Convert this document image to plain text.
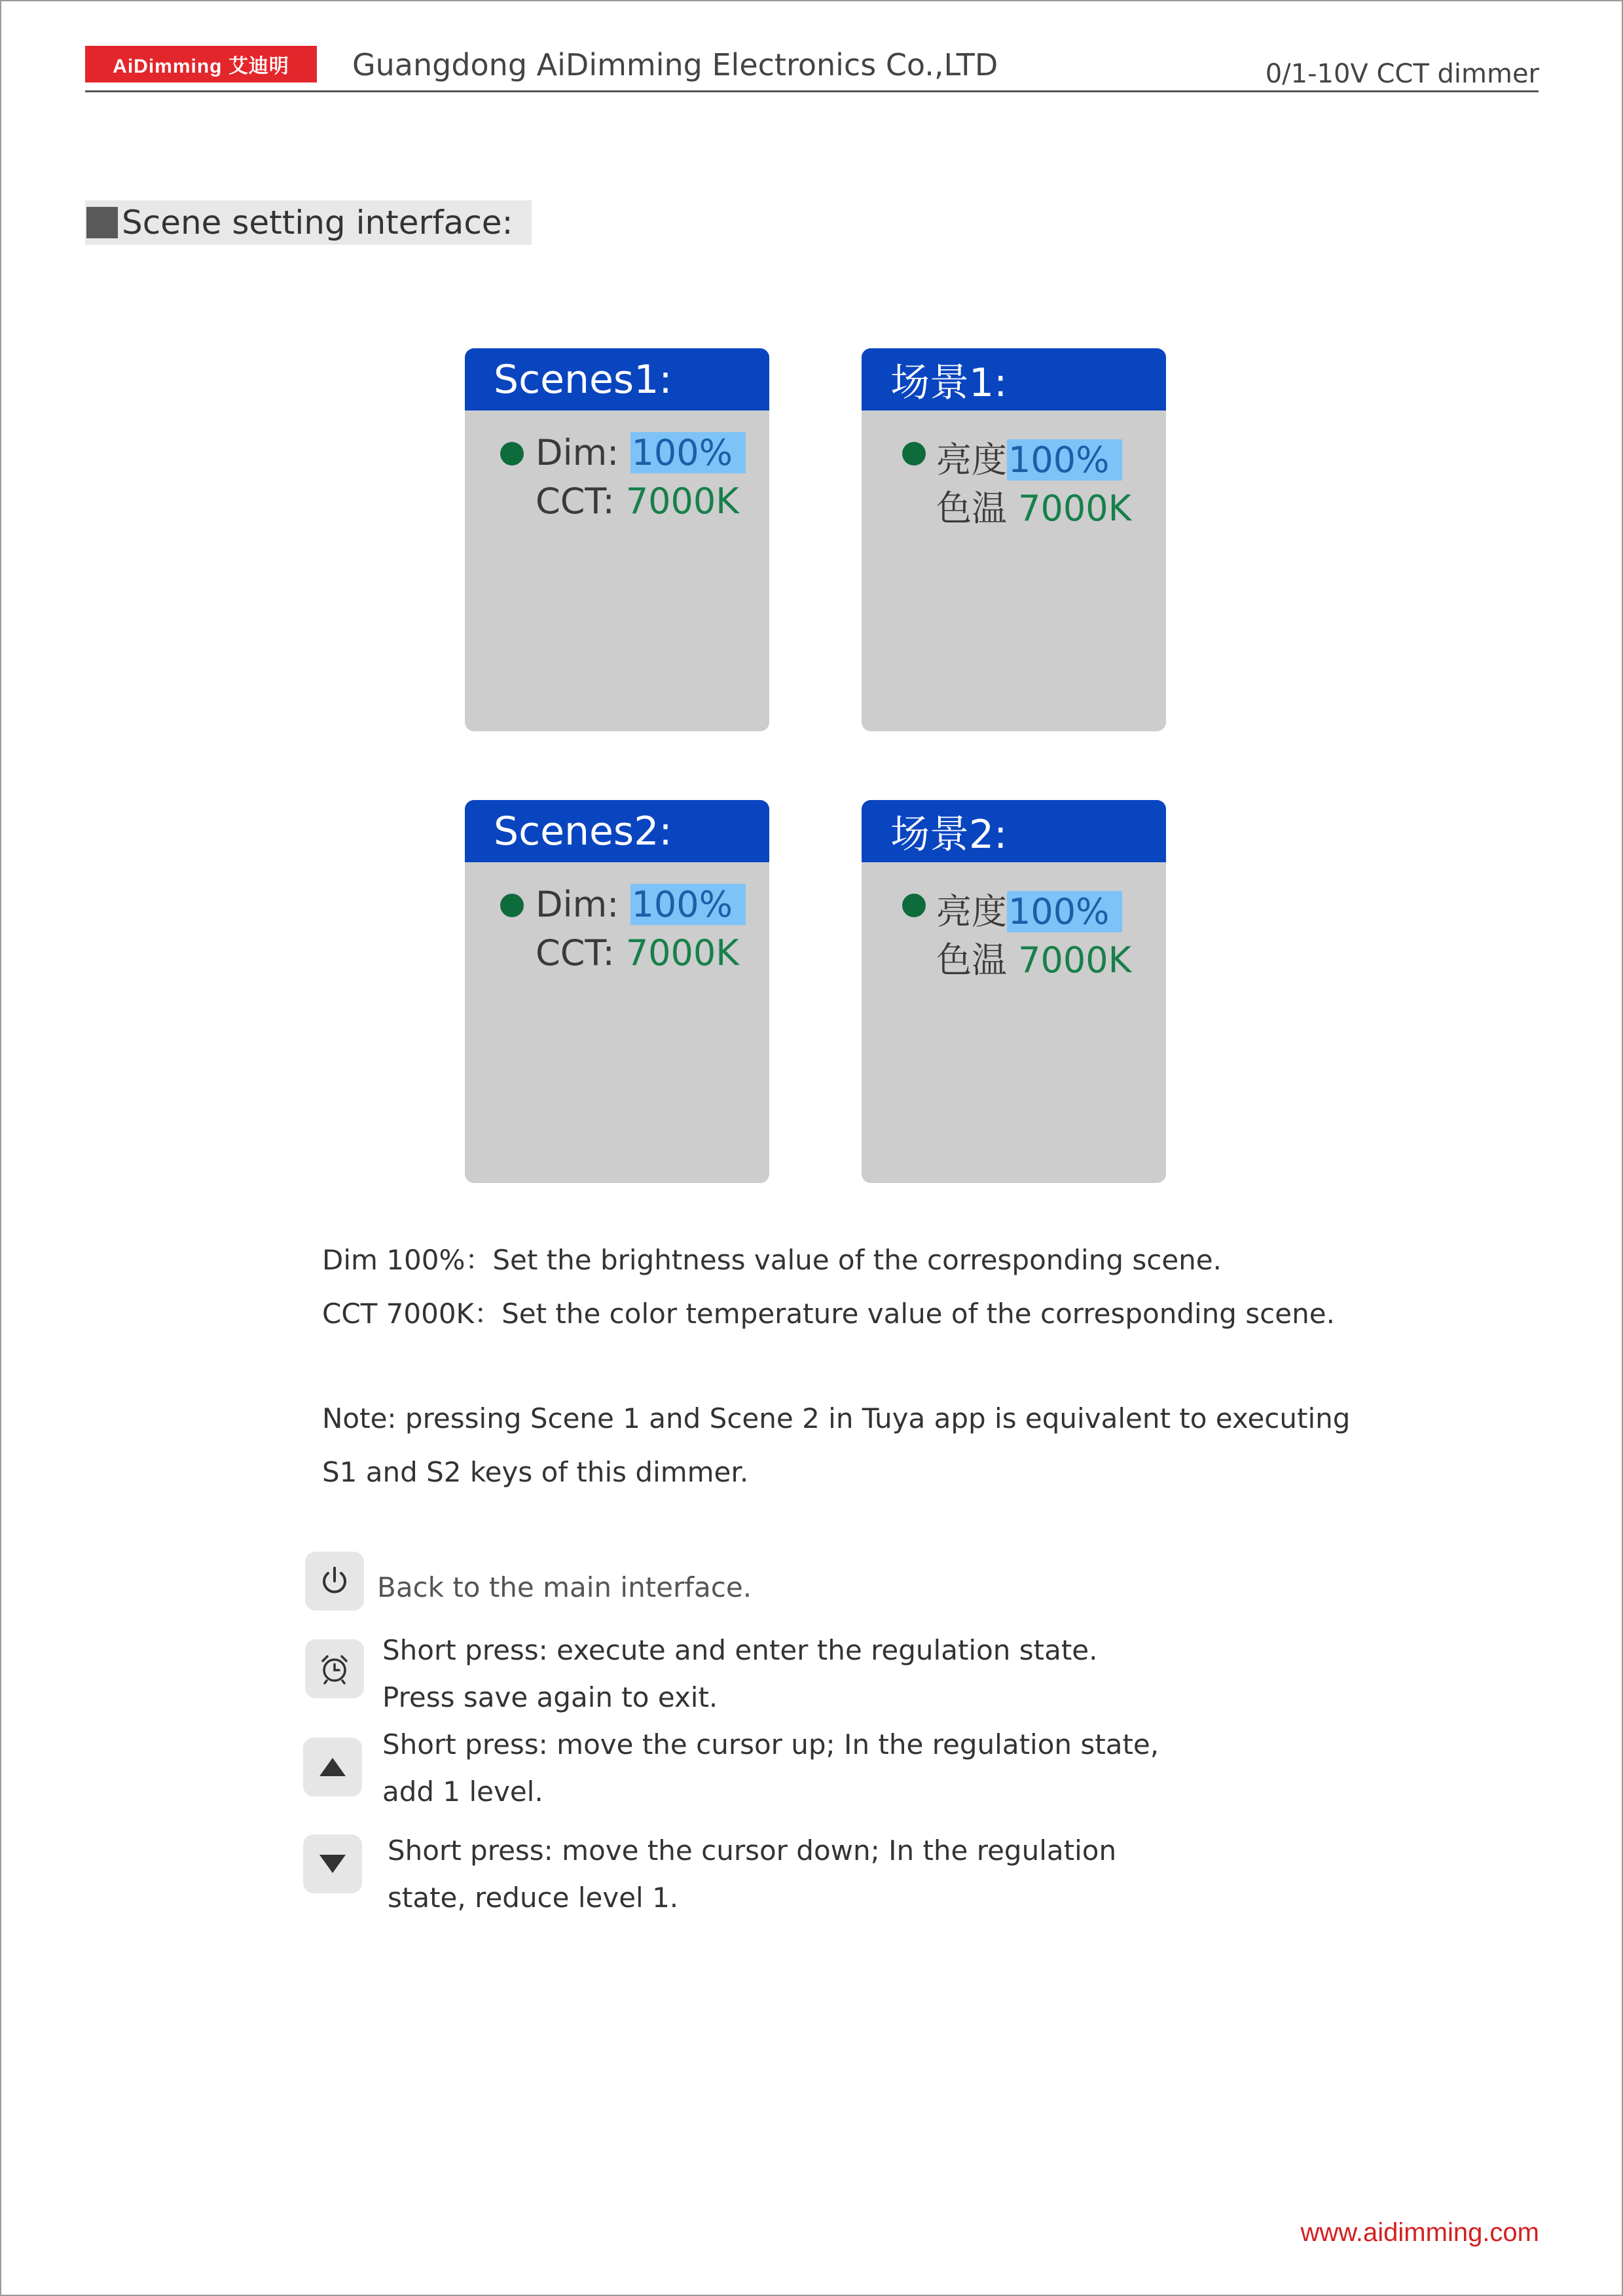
AiDimming 艾迪明	Guangdong AiDimming Electronics Co.,LTD	0/1-10V CCT dimmer
Scene setting interface:
Scenes1:
Dim: 100%
CCT: 7000K
场景1:
亮度100%
色温 7000K
Scenes2:
Dim: 100%
CCT: 7000K
场景2:
亮度100%
色温 7000K
Dim 100%：Set the brightness value of the corresponding scene.
CCT 7000K：Set the color temperature value of the corresponding scene.
Note: pressing Scene 1 and Scene 2 in Tuya app is equivalent to executing
S1 and S2 keys of this dimmer.
Back to the main interface.
Short press: execute and enter the regulation state.
Press save again to exit.
Short press: move the cursor up; In the regulation state,
add 1 level.
Short press: move the cursor down; In the regulation
state, reduce level 1.
www.aidimming.com
